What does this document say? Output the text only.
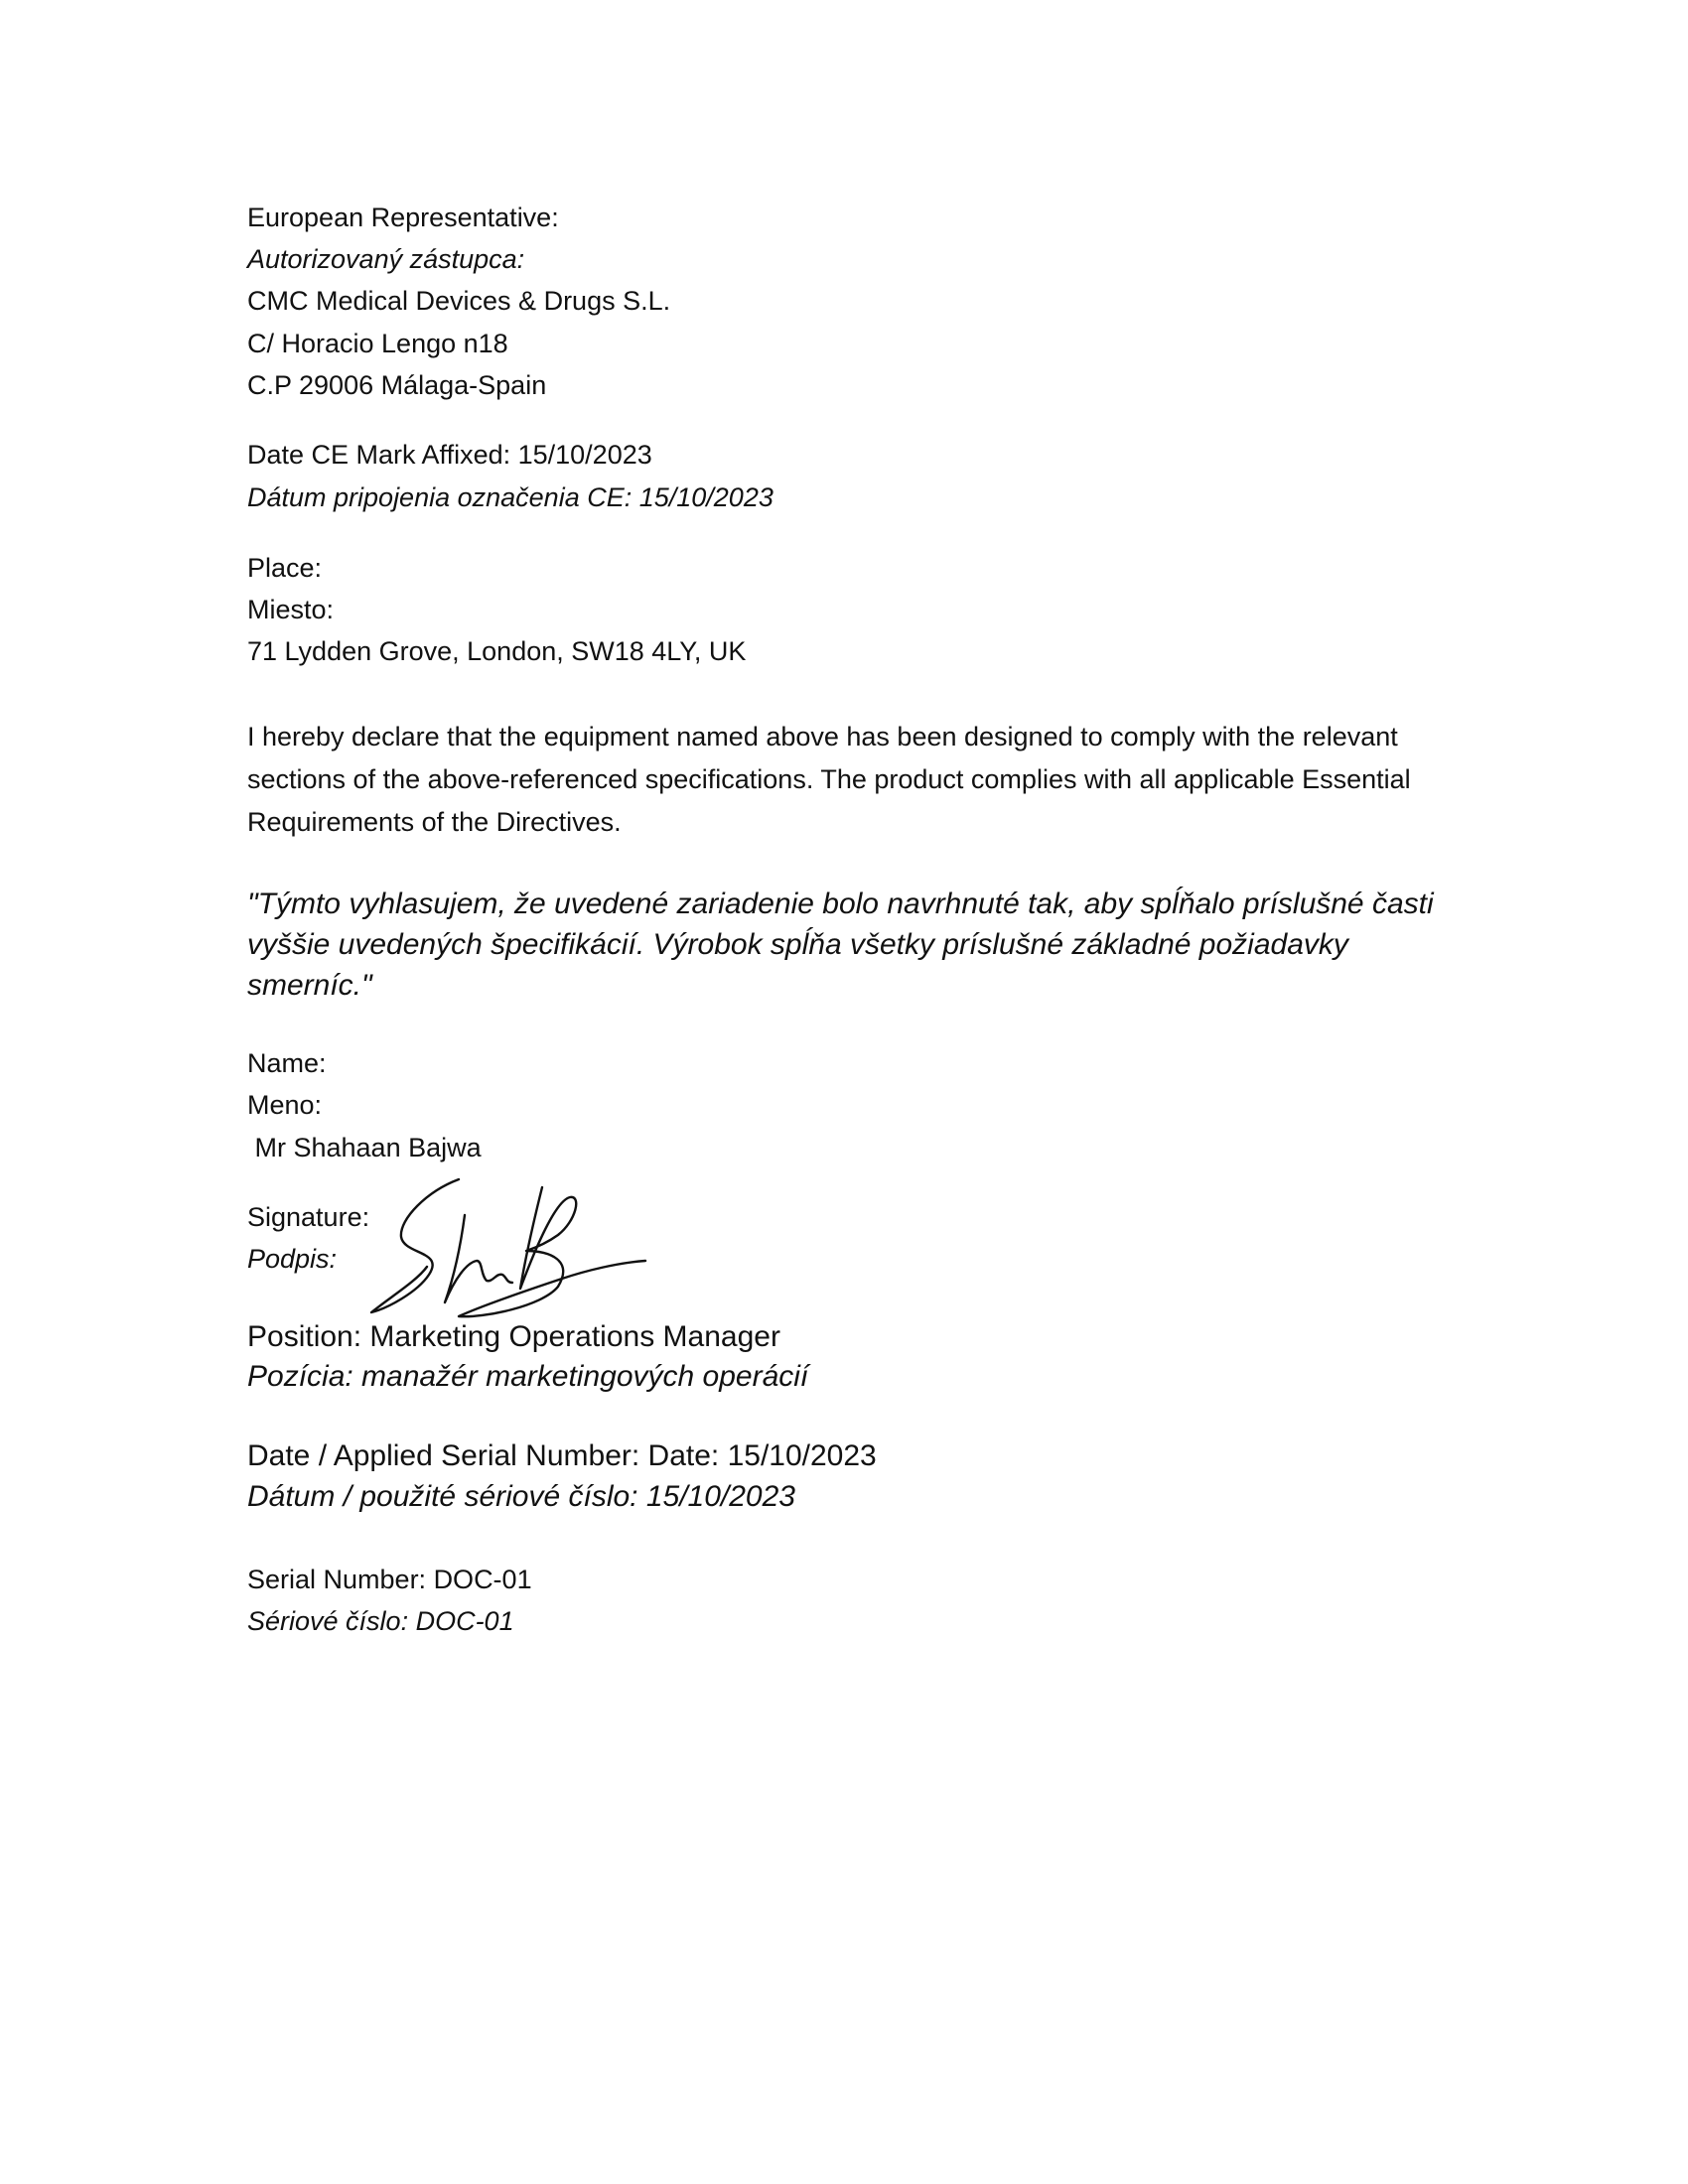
European Representative:
Autorizovaný zástupca:
CMC Medical Devices & Drugs S.L.
C/ Horacio Lengo n18
C.P 29006 Málaga-Spain
Date CE Mark Affixed: 15/10/2023
Dátum pripojenia označenia CE: 15/10/2023
Place:
Miesto:
71 Lydden Grove, London, SW18 4LY, UK
I hereby declare that the equipment named above has been designed to comply with the relevant sections of the above-referenced specifications. The product complies with all applicable Essential Requirements of the Directives.
"Týmto vyhlasujem, že uvedené zariadenie bolo navrhnuté tak, aby spĺňalo príslušné časti vyššie uvedených špecifikácií. Výrobok spĺňa všetky príslušné základné požiadavky smerníc."
Name:
Meno:
Mr Shahaan Bajwa
Signature:
Podpis:
Position: Marketing Operations Manager
Pozícia: manažér marketingových operácií
Date / Applied Serial Number: Date: 15/10/2023
Dátum / použité sériové číslo: 15/10/2023
Serial Number: DOC-01
Sériové číslo: DOC-01
